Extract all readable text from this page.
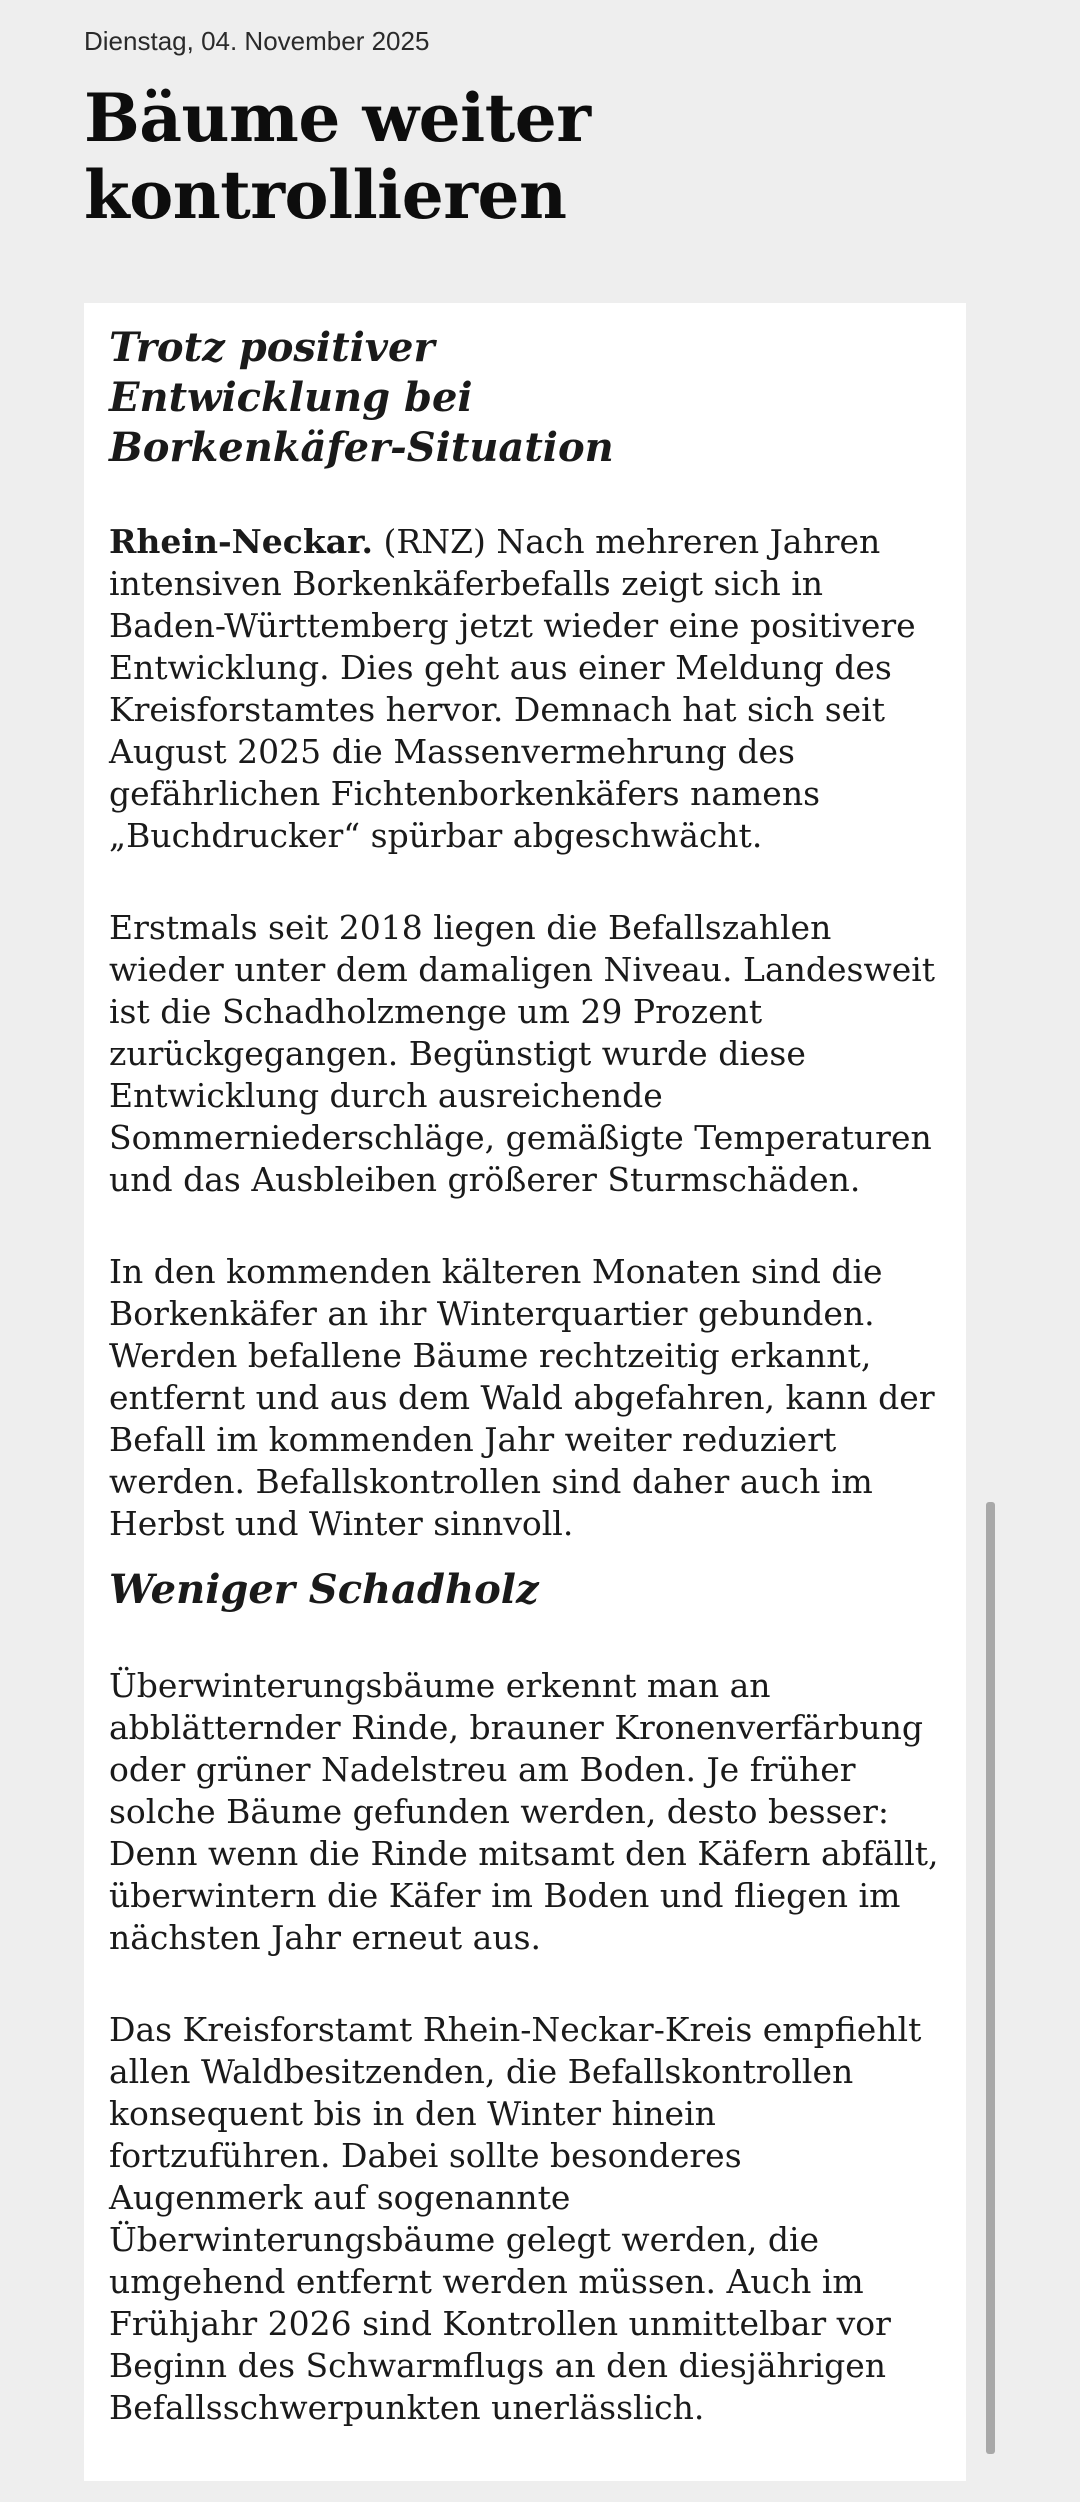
Dienstag, 04. November 2025

Bäume weiter kontrollieren
Trotz positiver Entwicklung bei Borkenkäfer-Situation

Rhein-Neckar. (RNZ) Nach mehreren Jahren intensiven Borkenkäferbefalls zeigt sich in Baden-Württemberg jetzt wieder eine positivere Entwicklung. Dies geht aus einer Meldung des Kreisforstamtes hervor. Demnach hat sich seit August 2025 die Massenvermehrung des gefährlichen Fichtenborkenkäfers namens „Buchdrucker“ spürbar abgeschwächt.

Erstmals seit 2018 liegen die Befallszahlen wieder unter dem damaligen Niveau. Landesweit ist die Schadholzmenge um 29 Prozent zurückgegangen. Begünstigt wurde diese Entwicklung durch ausreichende Sommerniederschläge, gemäßigte Temperaturen und das Ausbleiben größerer Sturmschäden.

In den kommenden kälteren Monaten sind die Borkenkäfer an ihr Winterquartier gebunden. Werden befallene Bäume rechtzeitig erkannt, entfernt und aus dem Wald abgefahren, kann der Befall im kommenden Jahr weiter reduziert werden. Befallskontrollen sind daher auch im Herbst und Winter sinnvoll.

Weniger Schadholz

Überwinterungsbäume erkennt man an abblätternder Rinde, brauner Kronenverfärbung oder grüner Nadelstreu am Boden. Je früher solche Bäume gefunden werden, desto besser: Denn wenn die Rinde mitsamt den Käfern abfällt, überwintern die Käfer im Boden und fliegen im nächsten Jahr erneut aus.

Das Kreisforstamt Rhein-Neckar-Kreis empfiehlt allen Waldbesitzenden, die Befallskontrollen konsequent bis in den Winter hinein fortzuführen. Dabei sollte besonderes Augenmerk auf sogenannte Überwinterungsbäume gelegt werden, die umgehend entfernt werden müssen. Auch im Frühjahr 2026 sind Kontrollen unmittelbar vor Beginn des Schwarmflugs an den diesjährigen Befallsschwerpunkten unerlässlich.
